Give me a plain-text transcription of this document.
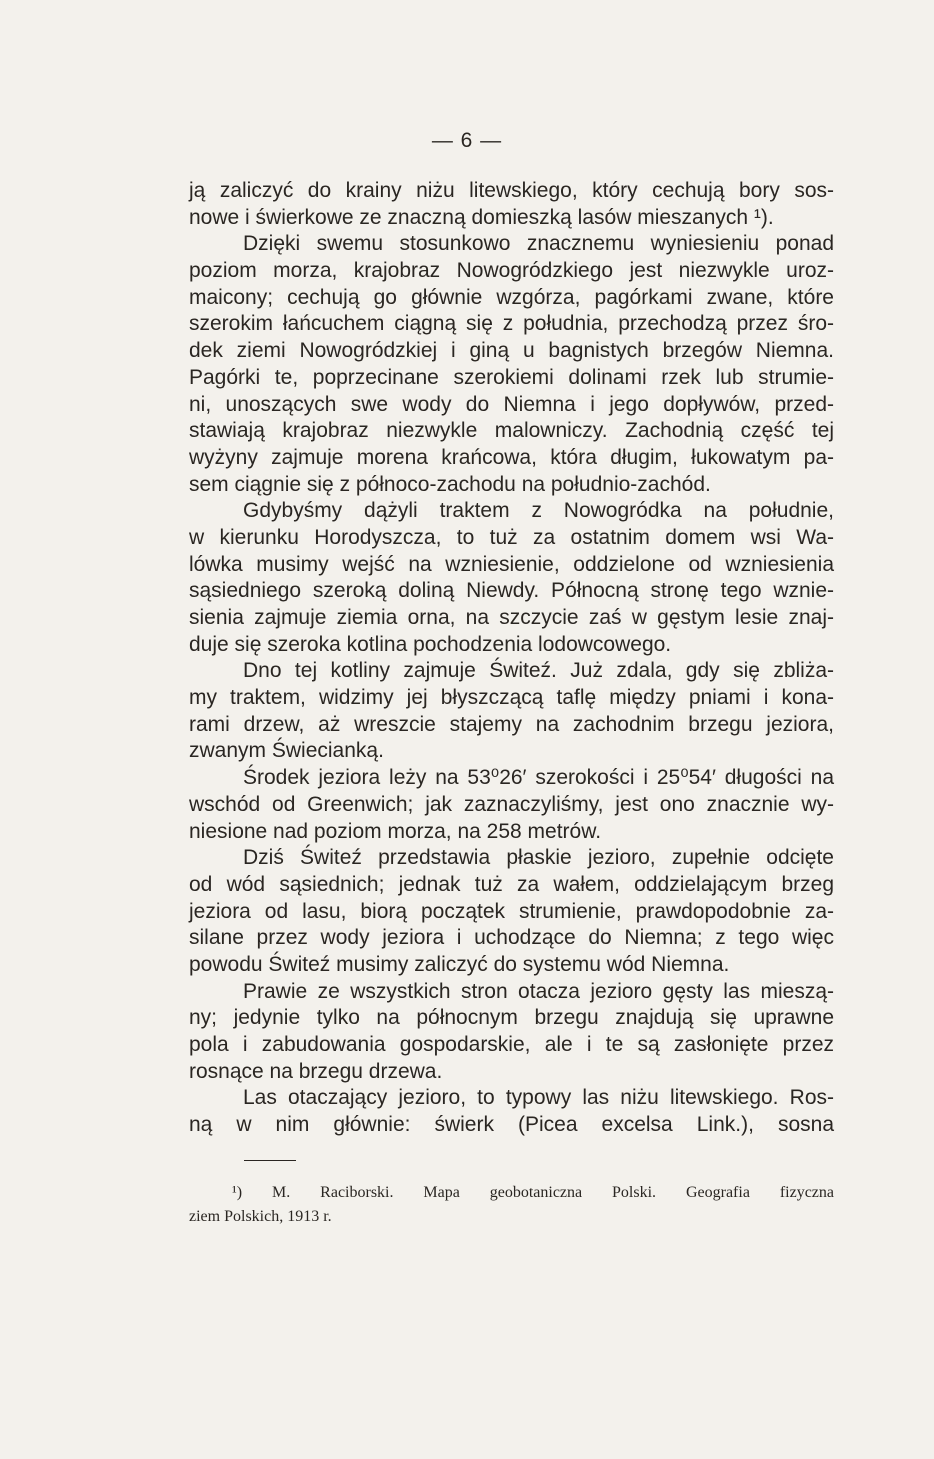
— 6 —
ją zaliczyć do krainy niżu litewskiego, który cechują bory sos-
nowe i świerkowe ze znaczną domieszką lasów mieszanych ¹).
Dzięki swemu stosunkowo znacznemu wyniesieniu ponad
poziom morza, krajobraz Nowogródzkiego jest niezwykle uroz-
maicony; cechują go głównie wzgórza, pagórkami zwane, które
szerokim łańcuchem ciągną się z południa, przechodzą przez śro-
dek ziemi Nowogródzkiej i giną u bagnistych brzegów Niemna.
Pagórki te, poprzecinane szerokiemi dolinami rzek lub strumie-
ni, unoszących swe wody do Niemna i jego dopływów, przed-
stawiają krajobraz niezwykle malowniczy. Zachodnią część tej
wyżyny zajmuje morena krańcowa, która długim, łukowatym pa-
sem ciągnie się z północo-zachodu na południo-zachód.
Gdybyśmy dążyli traktem z Nowogródka na południe,
w kierunku Horodyszcza, to tuż za ostatnim domem wsi Wa-
lówka musimy wejść na wzniesienie, oddzielone od wzniesienia
sąsiedniego szeroką doliną Niewdy. Północną stronę tego wznie-
sienia zajmuje ziemia orna, na szczycie zaś w gęstym lesie znaj-
duje się szeroka kotlina pochodzenia lodowcowego.
Dno tej kotliny zajmuje Świteź. Już zdala, gdy się zbliża-
my traktem, widzimy jej błyszczącą taflę między pniami i kona-
rami drzew, aż wreszcie stajemy na zachodnim brzegu jeziora,
zwanym Świecianką.
Środek jeziora leży na 53⁰26′ szerokości i 25⁰54′ długości na
wschód od Greenwich; jak zaznaczyliśmy, jest ono znacznie wy-
niesione nad poziom morza, na 258 metrów.
Dziś Świteź przedstawia płaskie jezioro, zupełnie odcięte
od wód sąsiednich; jednak tuż za wałem, oddzielającym brzeg
jeziora od lasu, biorą początek strumienie, prawdopodobnie za-
silane przez wody jeziora i uchodzące do Niemna; z tego więc
powodu Świteź musimy zaliczyć do systemu wód Niemna.
Prawie ze wszystkich stron otacza jezioro gęsty las mieszą-
ny; jedynie tylko na północnym brzegu znajdują się uprawne
pola i zabudowania gospodarskie, ale i te są zasłonięte przez
rosnące na brzegu drzewa.
Las otaczający jezioro, to typowy las niżu litewskiego. Ros-
ną w nim głównie: świerk (Picea excelsa Link.), sosna
¹) M. Raciborski. Mapa geobotaniczna Polski. Geografia fizyczna
ziem Polskich, 1913 r.
